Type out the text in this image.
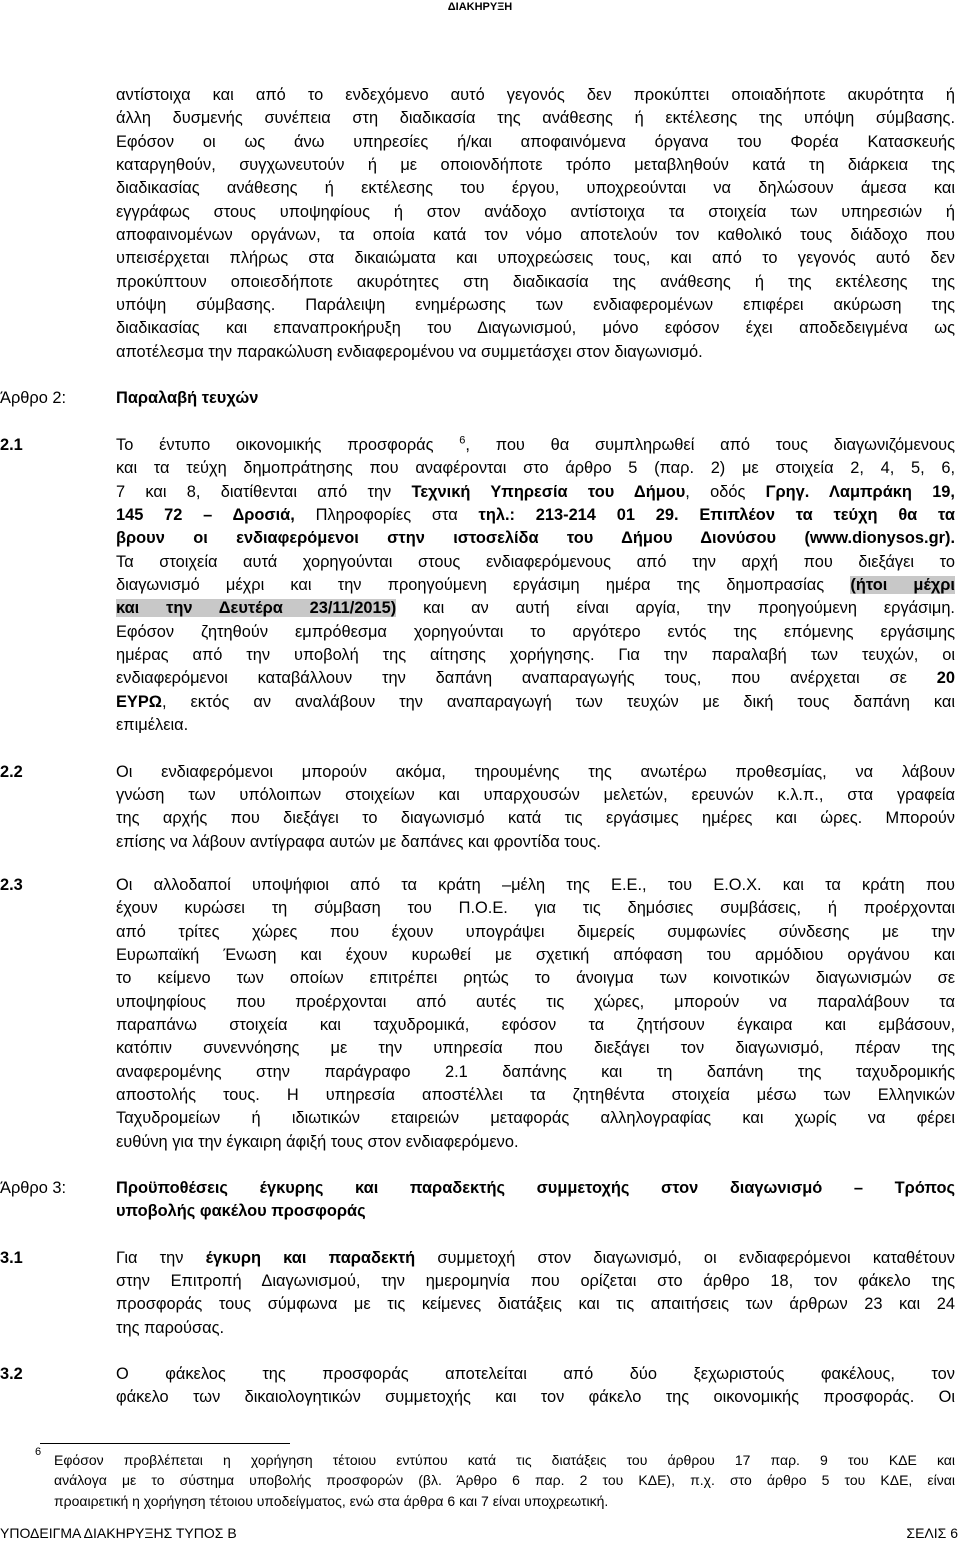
ΔΙΑΚΗΡΥΞΗ
αντίστοιχα και από το ενδεχόμενο αυτό γεγονός δεν προκύπτει οποιαδήποτε ακυρότητα ή
άλλη δυσμενής συνέπεια στη διαδικασία της ανάθεσης ή εκτέλεσης της υπόψη σύμβασης.
Εφόσον οι ως άνω υπηρεσίες ή/και αποφαινόμενα όργανα του Φορέα Κατασκευής
καταργηθούν, συγχωνευτούν ή με οποιονδήποτε τρόπο μεταβληθούν κατά τη διάρκεια της
διαδικασίας ανάθεσης ή εκτέλεσης του έργου, υποχρεούνται να δηλώσουν άμεσα και
εγγράφως στους υποψηφίους ή στον ανάδοχο αντίστοιχα τα στοιχεία των υπηρεσιών ή
αποφαινομένων οργάνων, τα οποία κατά τον νόμο αποτελούν τον καθολικό τους διάδοχο που
υπεισέρχεται πλήρως στα δικαιώματα και υποχρεώσεις τους, και από το γεγονός αυτό δεν
προκύπτουν οποιεσδήποτε ακυρότητες στη διαδικασία της ανάθεσης ή της εκτέλεσης της
υπόψη σύμβασης. Παράλειψη ενημέρωσης των ενδιαφερομένων επιφέρει ακύρωση της
διαδικασίας και επαναπροκήρυξη του Διαγωνισμού, μόνο εφόσον έχει αποδεδειγμένα ως
αποτέλεσμα την παρακώλυση ενδιαφερομένου να συμμετάσχει στον διαγωνισμό.
Άρθρο 2:	Παραλαβή τευχών
2.1	Το έντυπο οικονομικής προσφοράς $^6$, που θα συμπληρωθεί από τους διαγωνιζόμενους
και τα τεύχη δημοπράτησης που αναφέρονται στο άρθρο 5 (παρ. 2) με στοιχεία 2, 4, 5, 6,
7 και 8, διατίθενται από την Τεχνική Υπηρεσία του Δήμου, οδός Γρηγ. Λαμπράκη 19,
145 72 – Δροσιά, Πληροφορίες στα τηλ.: 213-214 01 29. Επιπλέον τα τεύχη θα τα
βρουν οι ενδιαφερόμενοι στην ιστοσελίδα του Δήμου Διονύσου (www.dionysos.gr).
Τα στοιχεία αυτά χορηγούνται στους ενδιαφερόμενους από την αρχή που διεξάγει το
διαγωνισμό μέχρι και την προηγούμενη εργάσιμη ημέρα της δημοπρασίας (ήτοι μέχρι
και την Δευτέρα 23/11/2015) και αν αυτή είναι αργία, την προηγούμενη εργάσιμη.
Εφόσον ζητηθούν εμπρόθεσμα χορηγούνται το αργότερο εντός της επόμενης εργάσιμης
ημέρας από την υποβολή της αίτησης χορήγησης. Για την παραλαβή των τευχών, οι
ενδιαφερόμενοι καταβάλλουν την δαπάνη αναπαραγωγής τους, που ανέρχεται σε 20
ΕΥΡΩ, εκτός αν αναλάβουν την αναπαραγωγή των τευχών με δική τους δαπάνη και
επιμέλεια.
2.2	Οι ενδιαφερόμενοι μπορούν ακόμα, τηρουμένης της ανωτέρω προθεσμίας, να λάβουν
γνώση των υπόλοιπων στοιχείων και υπαρχουσών μελετών, ερευνών κ.λ.π., στα γραφεία
της αρχής που διεξάγει το διαγωνισμό κατά τις εργάσιμες ημέρες και ώρες. Μπορούν
επίσης να λάβουν αντίγραφα αυτών με δαπάνες και φροντίδα τους.
2.3	Οι αλλοδαποί υποψήφιοι από τα κράτη –μέλη της Ε.Ε., του Ε.Ο.Χ. και τα κράτη που
έχουν κυρώσει τη σύμβαση του Π.Ο.Ε. για τις δημόσιες συμβάσεις, ή προέρχονται
από τρίτες χώρες που έχουν υπογράψει διμερείς συμφωνίες σύνδεσης με την
Ευρωπαϊκή Ένωση και έχουν κυρωθεί με σχετική απόφαση του αρμόδιου οργάνου και
το κείμενο των οποίων επιτρέπει ρητώς το άνοιγμα των κοινοτικών διαγωνισμών σε
υποψηφίους που προέρχονται από αυτές τις χώρες, μπορούν να παραλάβουν τα
παραπάνω στοιχεία και ταχυδρομικά, εφόσον τα ζητήσουν έγκαιρα και εμβάσουν,
κατόπιν συνεννόησης με την υπηρεσία που διεξάγει τον διαγωνισμό, πέραν της
αναφερομένης στην παράγραφο 2.1 δαπάνης και τη δαπάνη της ταχυδρομικής
αποστολής τους. Η υπηρεσία αποστέλλει τα ζητηθέντα στοιχεία μέσω των Ελληνικών
Ταχυδρομείων ή ιδιωτικών εταιρειών μεταφοράς αλληλογραφίας και χωρίς να φέρει
ευθύνη για την έγκαιρη άφιξή τους στον ενδιαφερόμενο.
Άρθρο 3:	Προϋποθέσεις έγκυρης και παραδεκτής συμμετοχής στον διαγωνισμό – Τρόπος
υποβολής φακέλου προσφοράς
3.1	Για την έγκυρη και παραδεκτή συμμετοχή στον διαγωνισμό, οι ενδιαφερόμενοι καταθέτουν
στην Επιτροπή Διαγωνισμού, την ημερομηνία που ορίζεται στο άρθρο 18, τον φάκελο της
προσφοράς τους σύμφωνα με τις κείμενες διατάξεις και τις απαιτήσεις των άρθρων 23 και 24
της παρούσας.
3.2	Ο φάκελος της προσφοράς αποτελείται από δύο ξεχωριστούς φακέλους, τον
φάκελο των δικαιολογητικών συμμετοχής και τον φάκελο της οικονομικής προσφοράς. Οι
6 Εφόσον προβλέπεται η χορήγηση τέτοιου εντύπου κατά τις διατάξεις του άρθρου 17 παρ. 9 του ΚΔΕ και
ανάλογα με το σύστημα υποβολής προσφορών (βλ. Άρθρο 6 παρ. 2 του ΚΔΕ), π.χ. στο άρθρο 5 του ΚΔΕ, είναι
προαιρετική η χορήγηση τέτοιου υποδείγματος, ενώ στα άρθρα 6 και 7 είναι υποχρεωτική.
ΥΠΟΔΕΙΓΜΑ ΔΙΑΚΗΡΥΞΗΣ ΤΥΠΟΣ Β	ΣΕΛΙΣ 6
